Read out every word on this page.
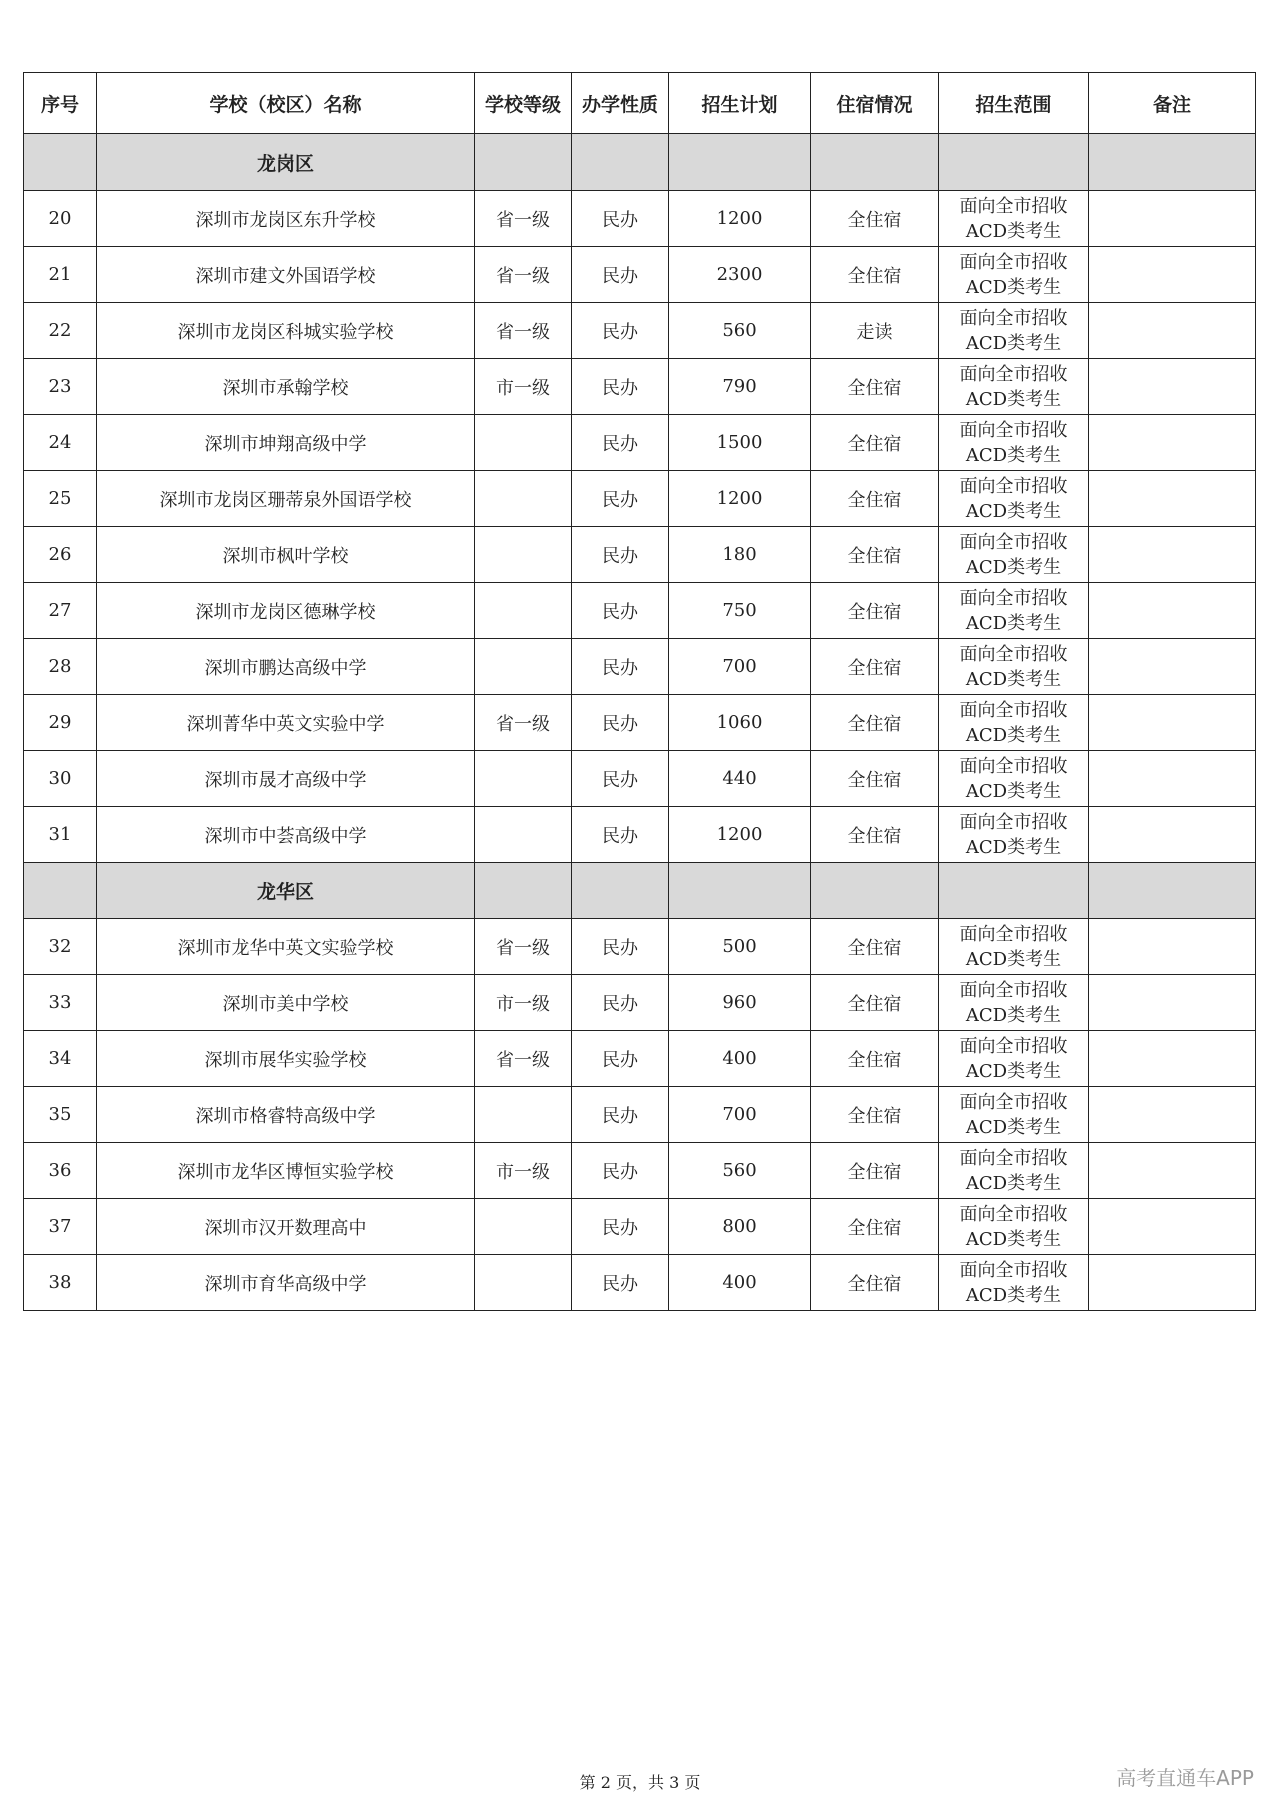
序号	学校（校区）名称	学校等级	办学性质	招生计划	住宿情况	招生范围	备注
	龙岗区						
20	深圳市龙岗区东升学校	省一级	民办	1200	全住宿	面向全市招收
ACD类考生	

21	深圳市建文外国语学校	省一级	民办	2300	全住宿	面向全市招收
ACD类考生	

22	深圳市龙岗区科城实验学校	省一级	民办	560	走读	面向全市招收
ACD类考生	

23	深圳市承翰学校	市一级	民办	790	全住宿	面向全市招收
ACD类考生	

24	深圳市坤翔高级中学		民办	1500	全住宿	面向全市招收
ACD类考生	

25	深圳市龙岗区珊蒂泉外国语学校		民办	1200	全住宿	面向全市招收
ACD类考生	

26	深圳市枫叶学校		民办	180	全住宿	面向全市招收
ACD类考生	

27	深圳市龙岗区德琳学校		民办	750	全住宿	面向全市招收
ACD类考生	

28	深圳市鹏达高级中学		民办	700	全住宿	面向全市招收
ACD类考生	

29	深圳菁华中英文实验中学	省一级	民办	1060	全住宿	面向全市招收
ACD类考生	

30	深圳市晟才高级中学		民办	440	全住宿	面向全市招收
ACD类考生	

31	深圳市中荟高级中学		民办	1200	全住宿	面向全市招收
ACD类考生	

	龙华区						
32	深圳市龙华中英文实验学校	省一级	民办	500	全住宿	面向全市招收
ACD类考生	

33	深圳市美中学校	市一级	民办	960	全住宿	面向全市招收
ACD类考生	

34	深圳市展华实验学校	省一级	民办	400	全住宿	面向全市招收
ACD类考生	

35	深圳市格睿特高级中学		民办	700	全住宿	面向全市招收
ACD类考生	

36	深圳市龙华区博恒实验学校	市一级	民办	560	全住宿	面向全市招收
ACD类考生	

37	深圳市汉开数理高中		民办	800	全住宿	面向全市招收
ACD类考生	

38	深圳市育华高级中学		民办	400	全住宿	面向全市招收
ACD类考生	

第 2 页，共 3 页	高考直通车APP
